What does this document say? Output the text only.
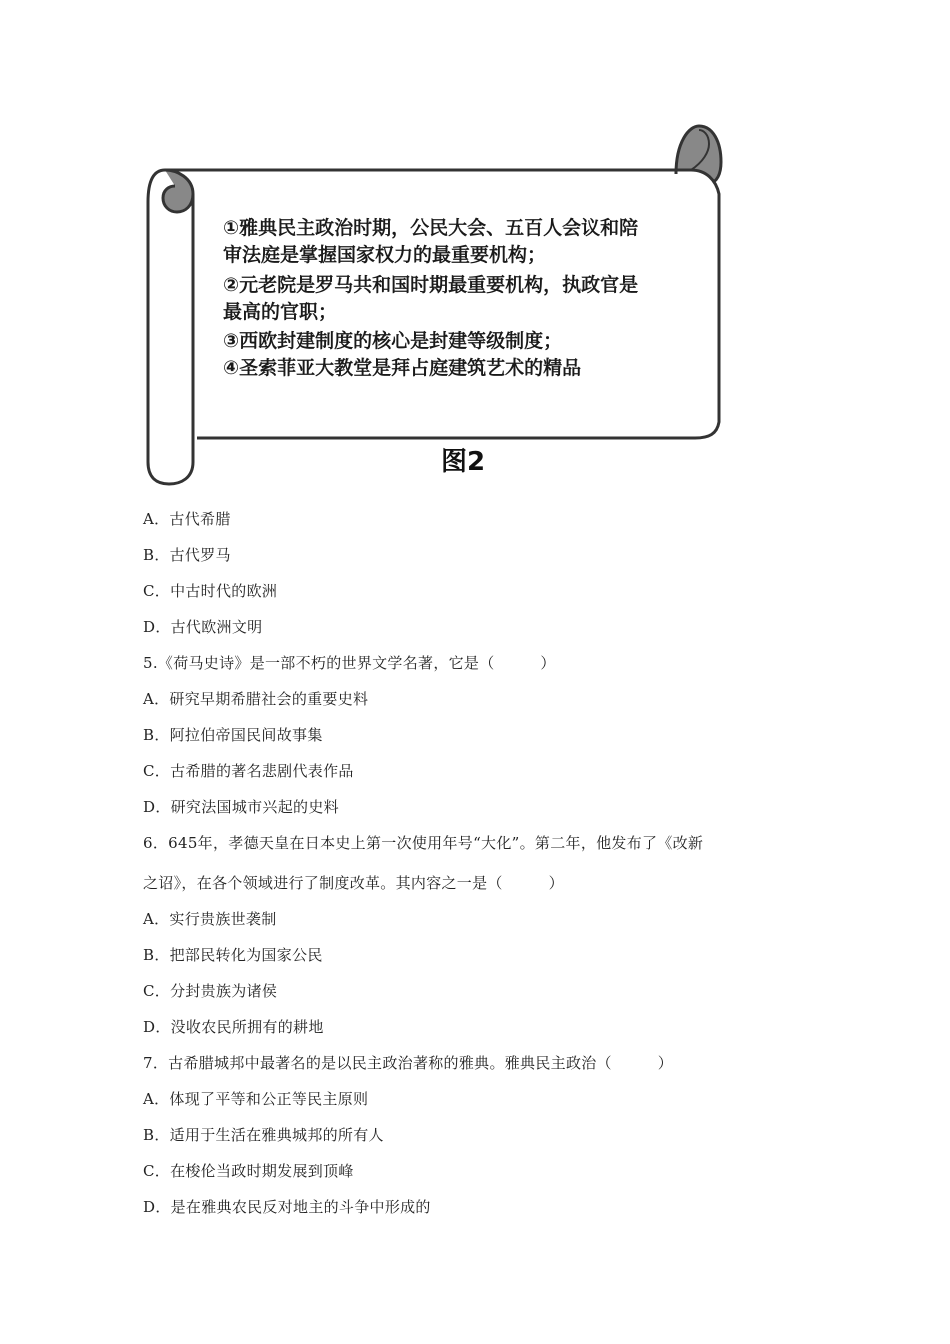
①雅典民主政治时期，公民大会、五百人会议和陪
审法庭是掌握国家权力的最重要机构；
②元老院是罗马共和国时期最重要机构，执政官是
最高的官职；
③西欧封建制度的核心是封建等级制度；
④圣索菲亚大教堂是拜占庭建筑艺术的精品
图2
A．古代希腊
B．古代罗马
C．中古时代的欧洲
D．古代欧洲文明
5.《荷马史诗》是一部不朽的世界文学名著，它是（　　　）
A．研究早期希腊社会的重要史料
B．阿拉伯帝国民间故事集
C．古希腊的著名悲剧代表作品
D．研究法国城市兴起的史料
6．645年，孝德天皇在日本史上第一次使用年号“大化”。第二年，他发布了《改新
之诏》，在各个领域进行了制度改革。其内容之一是（　　　）
A．实行贵族世袭制
B．把部民转化为国家公民
C．分封贵族为诸侯
D．没收农民所拥有的耕地
7．古希腊城邦中最著名的是以民主政治著称的雅典。雅典民主政治（　　　）
A．体现了平等和公正等民主原则
B．适用于生活在雅典城邦的所有人
C．在梭伦当政时期发展到顶峰
D．是在雅典农民反对地主的斗争中形成的
